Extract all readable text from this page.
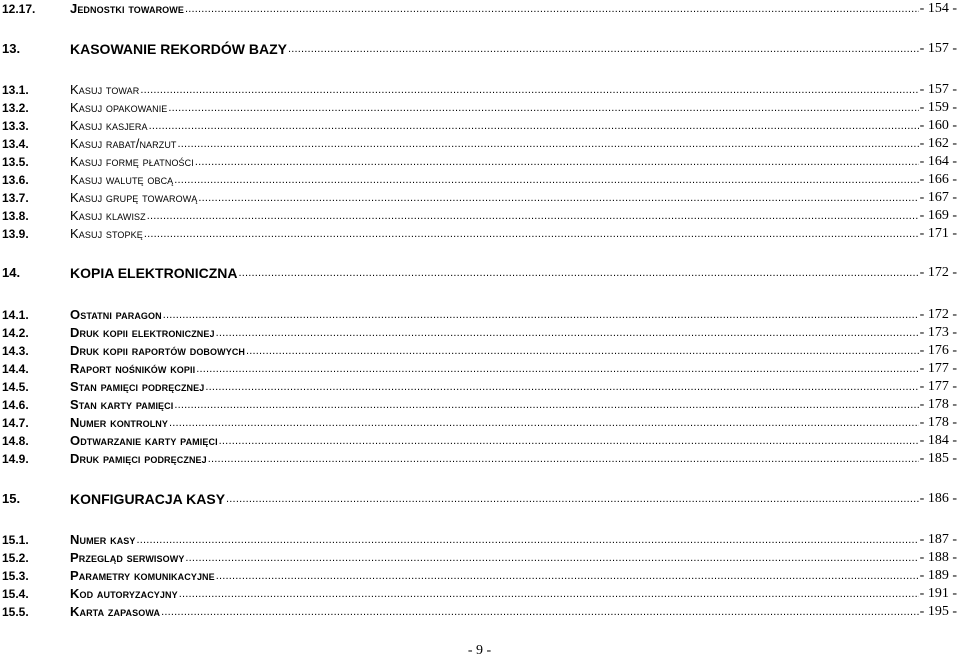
12.17.	Jednostki towarowe .....	- 154 -
13.	KASOWANIE REKORDÓW BAZY .....	- 157 -
13.1.	Kasuj towar .....	- 157 -
13.2.	Kasuj opakowanie .....	- 159 -
13.3.	Kasuj kasjera .....	- 160 -
13.4.	Kasuj rabat/narzut .....	- 162 -
13.5.	Kasuj formę płatności .....	- 164 -
13.6.	Kasuj walutę obcą .....	- 166 -
13.7.	Kasuj grupę towarową .....	- 167 -
13.8.	Kasuj klawisz .....	- 169 -
13.9.	Kasuj stopkę .....	- 171 -
14.	KOPIA ELEKTRONICZNA .....	- 172 -
14.1.	Ostatni paragon .....	- 172 -
14.2.	Druk kopii elektronicznej .....	- 173 -
14.3.	Druk kopii raportów dobowych .....	- 176 -
14.4.	Raport nośników kopii .....	- 177 -
14.5.	Stan pamięci podręcznej .....	- 177 -
14.6.	Stan karty pamięci .....	- 178 -
14.7.	Numer kontrolny .....	- 178 -
14.8.	Odtwarzanie karty pamięci .....	- 184 -
14.9.	Druk pamięci podręcznej .....	- 185 -
15.	KONFIGURACJA KASY .....	- 186 -
15.1.	Numer kasy .....	- 187 -
15.2.	Przegląd serwisowy .....	- 188 -
15.3.	Parametry komunikacyjne .....	- 189 -
15.4.	Kod autoryzacyjny .....	- 191 -
15.5.	Karta zapasowa .....	- 195 -
- 9 -
